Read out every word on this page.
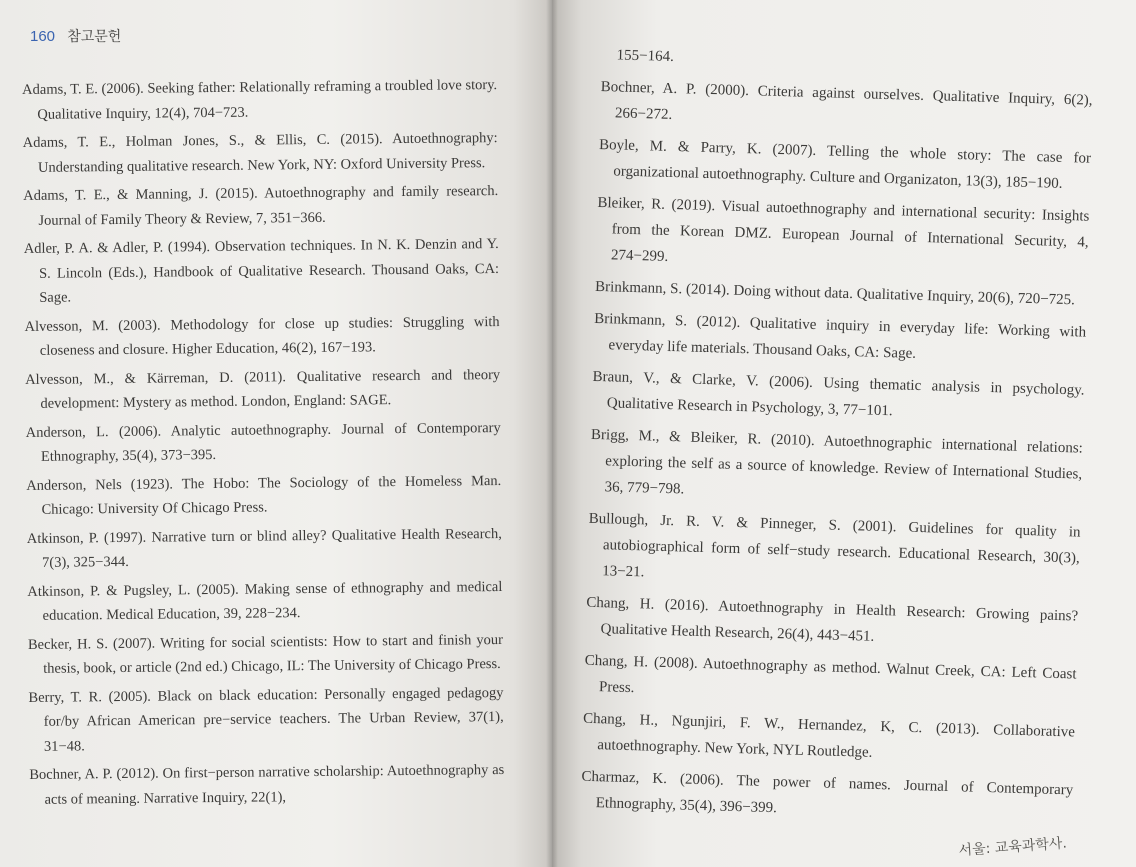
160 참고문헌

Adams, T. E. (2006). Seeking father: Relationally reframing a troubled love story. Qualitative Inquiry, 12(4), 704−723.

Adams, T. E., Holman Jones, S., & Ellis, C. (2015). Autoethnography: Understanding qualitative research. New York, NY: Oxford University Press.

Adams, T. E., & Manning, J. (2015). Autoethnography and family research. Journal of Family Theory & Review, 7, 351−366.

Adler, P. A. & Adler, P. (1994). Observation techniques. In N. K. Denzin and Y. S. Lincoln (Eds.), Handbook of Qualitative Research. Thousand Oaks, CA: Sage.

Alvesson, M. (2003). Methodology for close up studies: Struggling with closeness and closure. Higher Education, 46(2), 167−193.

Alvesson, M., & Kärreman, D. (2011). Qualitative research and theory development: Mystery as method. London, England: SAGE.

Anderson, L. (2006). Analytic autoethnography. Journal of Contemporary Ethnography, 35(4), 373−395.

Anderson, Nels (1923). The Hobo: The Sociology of the Homeless Man. Chicago: University Of Chicago Press.

Atkinson, P. (1997). Narrative turn or blind alley? Qualitative Health Research, 7(3), 325−344.

Atkinson, P. & Pugsley, L. (2005). Making sense of ethnography and medical education. Medical Education, 39, 228−234.

Becker, H. S. (2007). Writing for social scientists: How to start and finish your thesis, book, or article (2nd ed.) Chicago, IL: The University of Chicago Press.

Berry, T. R. (2005). Black on black education: Personally engaged pedagogy for/by African American pre−service teachers. The Urban Review, 37(1), 31−48.

Bochner, A. P. (2012). On first−person narrative scholarship: Autoethnography as acts of meaning. Narrative Inquiry, 22(1),

155−164.

Bochner, A. P. (2000). Criteria against ourselves. Qualitative Inquiry, 6(2), 266−272.

Boyle, M. & Parry, K. (2007). Telling the whole story: The case for organizational autoethnography. Culture and Organizaton, 13(3), 185−190.

Bleiker, R. (2019). Visual autoethnography and international security: Insights from the Korean DMZ. European Journal of International Security, 4, 274−299.

Brinkmann, S. (2014). Doing without data. Qualitative Inquiry, 20(6), 720−725.

Brinkmann, S. (2012). Qualitative inquiry in everyday life: Working with everyday life materials. Thousand Oaks, CA: Sage.

Braun, V., & Clarke, V. (2006). Using thematic analysis in psychology. Qualitative Research in Psychology, 3, 77−101.

Brigg, M., & Bleiker, R. (2010). Autoethnographic international relations: exploring the self as a source of knowledge. Review of International Studies, 36, 779−798.

Bullough, Jr. R. V. & Pinneger, S. (2001). Guidelines for quality in autobiographical form of self−study research. Educational Research, 30(3), 13−21.

Chang, H. (2016). Autoethnography in Health Research: Growing pains? Qualitative Health Research, 26(4), 443−451.

Chang, H. (2008). Autoethnography as method. Walnut Creek, CA: Left Coast Press.

Chang, H., Ngunjiri, F. W., Hernandez, K, C. (2013). Collaborative autoethnography. New York, NYL Routledge.

Charmaz, K. (2006). The power of names. Journal of Contemporary Ethnography, 35(4), 396−399.

서울: 교육과학사.
